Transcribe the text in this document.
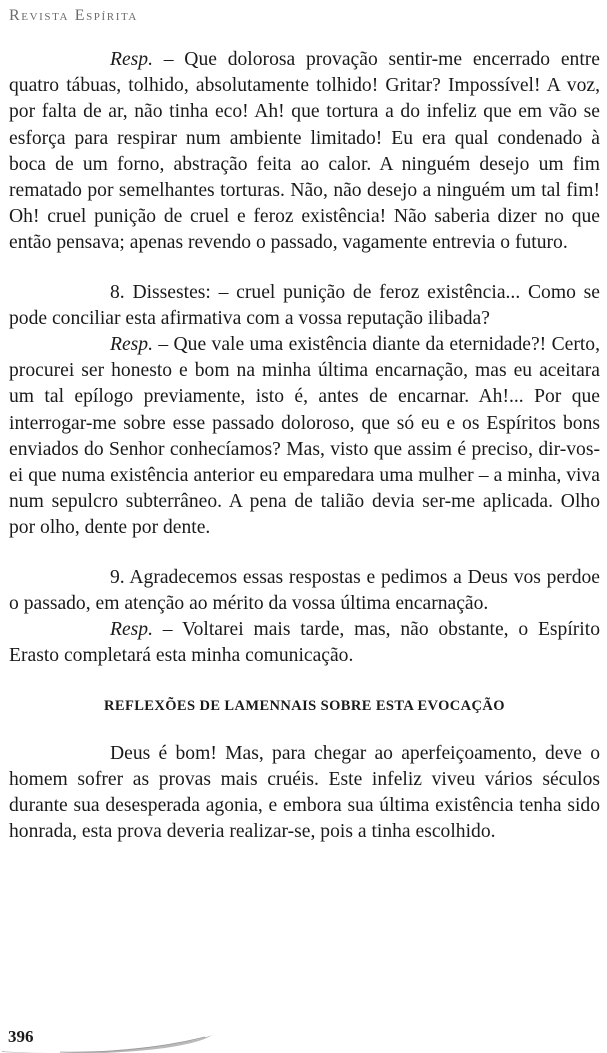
Revista Espírita

Resp. – Que dolorosa provação sentir-me encerrado entre quatro tábuas, tolhido, absolutamente tolhido! Gritar? Impossível! A voz, por falta de ar, não tinha eco! Ah! que tortura a do infeliz que em vão se esforça para respirar num ambiente limitado! Eu era qual condenado à boca de um forno, abstração feita ao calor. A ninguém desejo um fim rematado por semelhantes torturas. Não, não desejo a ninguém um tal fim! Oh! cruel punição de cruel e feroz existência! Não saberia dizer no que então pensava; apenas revendo o passado, vagamente entrevia o futuro.

8. Dissestes: – cruel punição de feroz existência... Como se pode conciliar esta afirmativa com a vossa reputação ilibada?

Resp. – Que vale uma existência diante da eternidade?! Certo, procurei ser honesto e bom na minha última encarnação, mas eu aceitara um tal epílogo previamente, isto é, antes de encarnar. Ah!... Por que interrogar-me sobre esse passado doloroso, que só eu e os Espíritos bons enviados do Senhor conhecíamos? Mas, visto que assim é preciso, dir-vos-ei que numa existência anterior eu emparedara uma mulher – a minha, viva num sepulcro subterrâneo. A pena de talião devia ser-me aplicada. Olho por olho, dente por dente.

9. Agradecemos essas respostas e pedimos a Deus vos perdoe o passado, em atenção ao mérito da vossa última encarnação.

Resp. – Voltarei mais tarde, mas, não obstante, o Espírito Erasto completará esta minha comunicação.

REFLEXÕES DE LAMENNAIS SOBRE ESTA EVOCAÇÃO

Deus é bom! Mas, para chegar ao aperfeiçoamento, deve o homem sofrer as provas mais cruéis. Este infeliz viveu vários séculos durante sua desesperada agonia, e embora sua última existência tenha sido honrada, esta prova deveria realizar-se, pois a tinha escolhido.

396
